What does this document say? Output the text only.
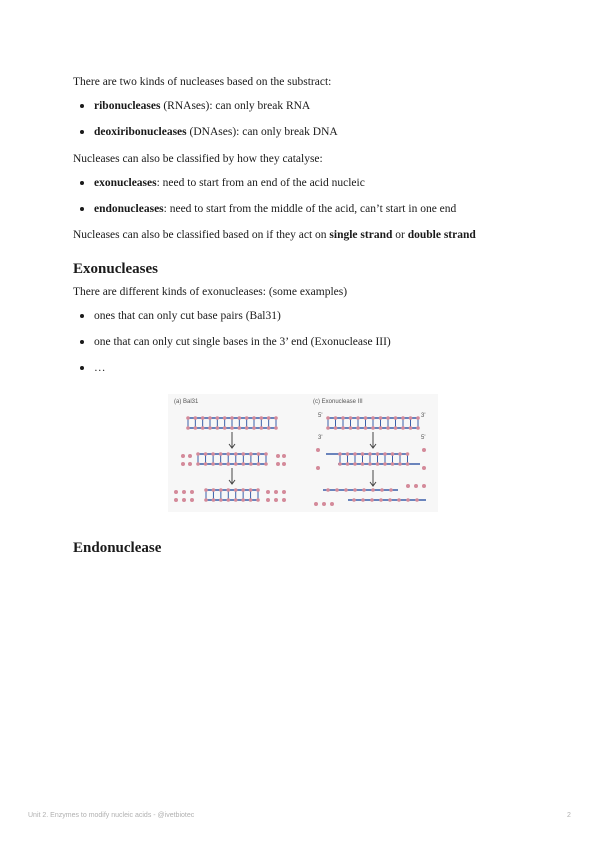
There are two kinds of nucleases based on the substract:
ribonucleases (RNAses): can only break RNA
deoxiribonucleases (DNAses): can only break DNA
Nucleases can also be classified by how they catalyse:
exonucleases: need to start from an end of the acid nucleic
endonucleases: need to start from the middle of the acid, can’t start in one end
Nucleases can also be classified based on if they act on single strand or double strand
Exonucleases
There are different kinds of exonucleases: (some examples)
ones that can only cut base pairs (Bal31)
one that can only cut single bases in the 3’ end (Exonuclease III)
…
(a) Bal31	(c) Exonuclease III
5'	3'
3'	5'
Endonuclease
Unit 2. Enzymes to modify nucleic acids - @ivetbiotec	2
